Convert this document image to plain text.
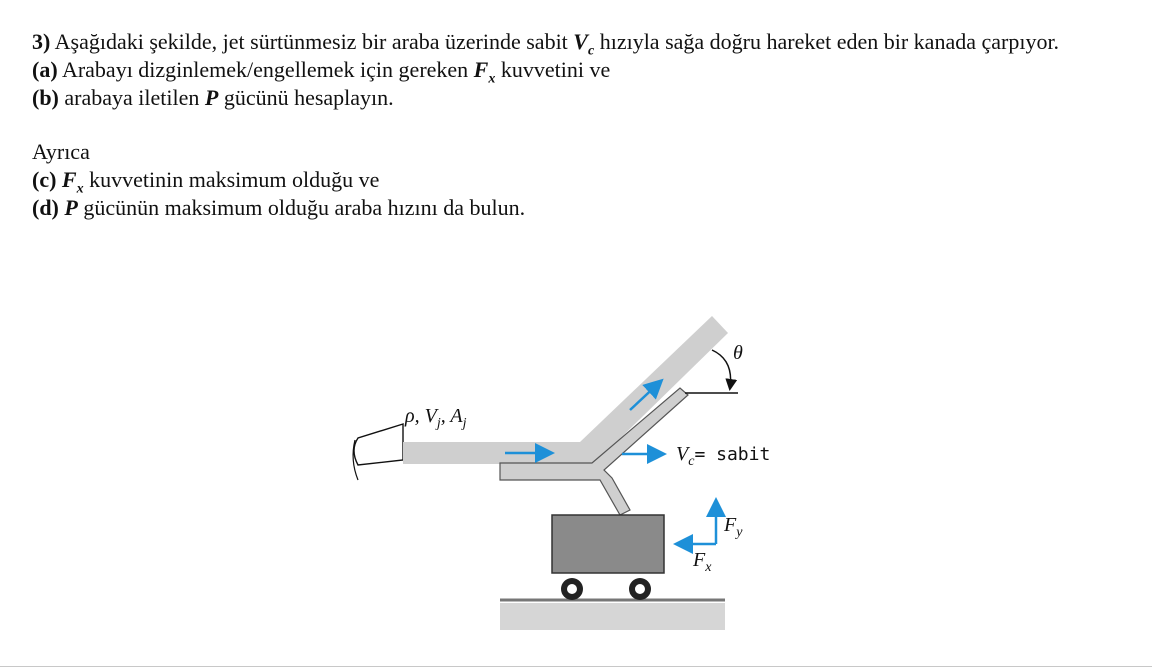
3) Aşağıdaki şekilde, jet sürtünmesiz bir araba üzerinde sabit $V_c$ hızıyla sağa doğru hareket eden bir kanada çarpıyor.

(a) Arabayı dizginlemek/engellemek için gereken $F_x$ kuvvetini ve

(b) arabaya iletilen P gücünü hesaplayın.

Ayrıca

(c) $F_x$ kuvvetinin maksimum olduğu ve

(d) P gücünün maksimum olduğu araba hızını da bulun.

ρ, $V_j$, $A_j$
θ
$V_c=$ sabit
$F_y$
$F_x$
